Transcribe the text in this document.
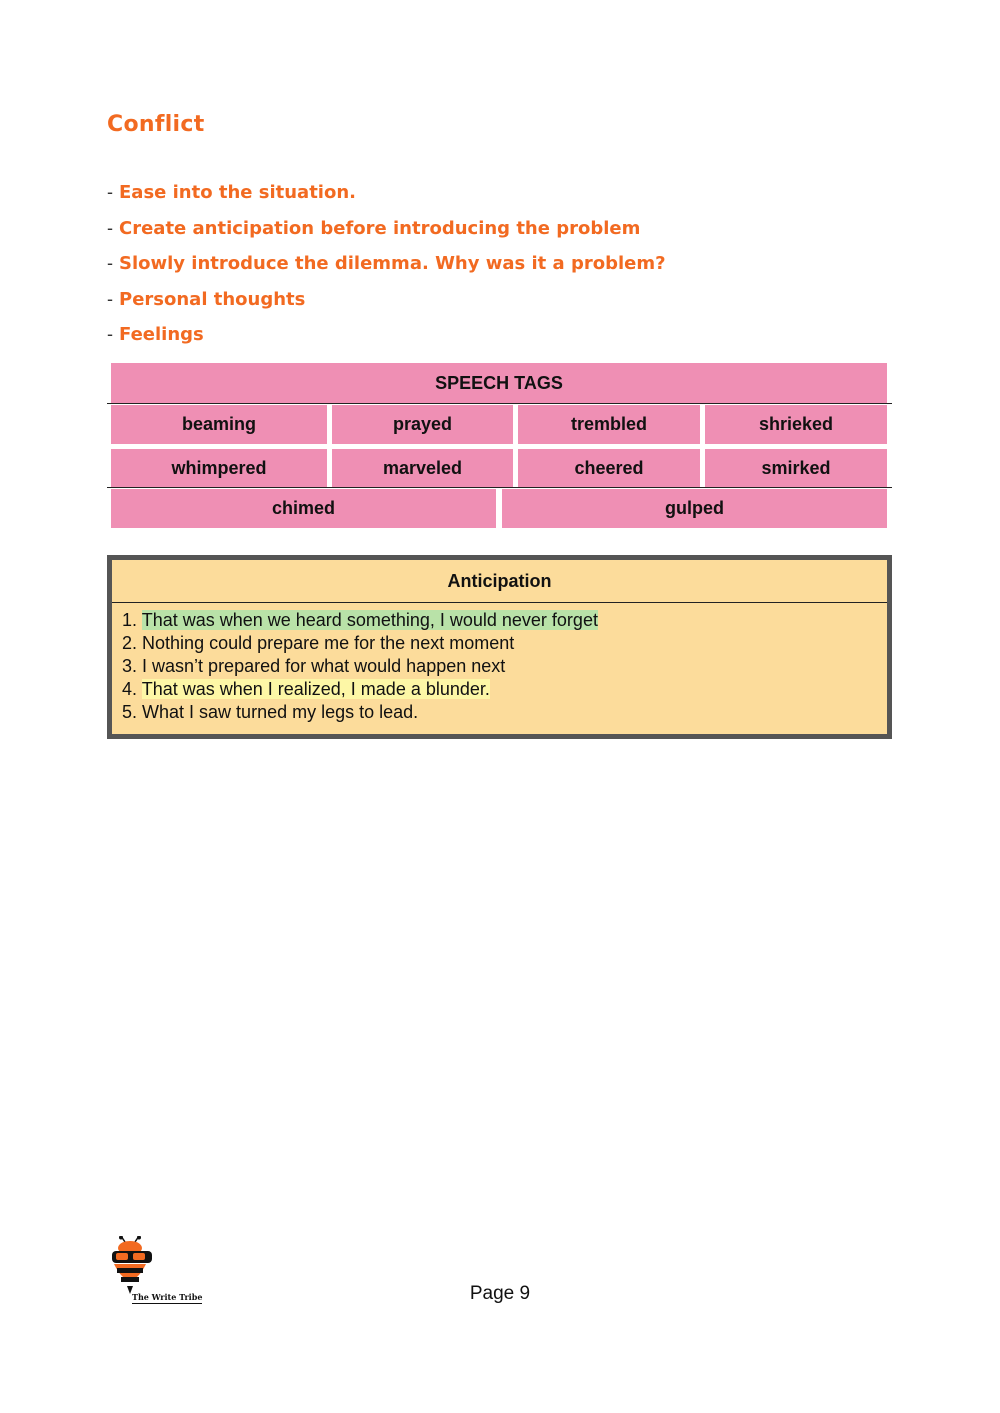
Conflict
- Ease into the situation.
- Create anticipation before introducing the problem
- Slowly introduce the dilemma. Why was it a problem?
- Personal thoughts
- Feelings
SPEECH TAGS
beaming	prayed	trembled	shrieked
whimpered	marveled	cheered	smirked
chimed	gulped
Anticipation
1. That was when we heard something, I would never forget
2. Nothing could prepare me for the next moment
3. I wasn’t prepared for what would happen next
4. That was when I realized, I made a blunder.
5. What I saw turned my legs to lead.
The Write Tribe	Page 9
